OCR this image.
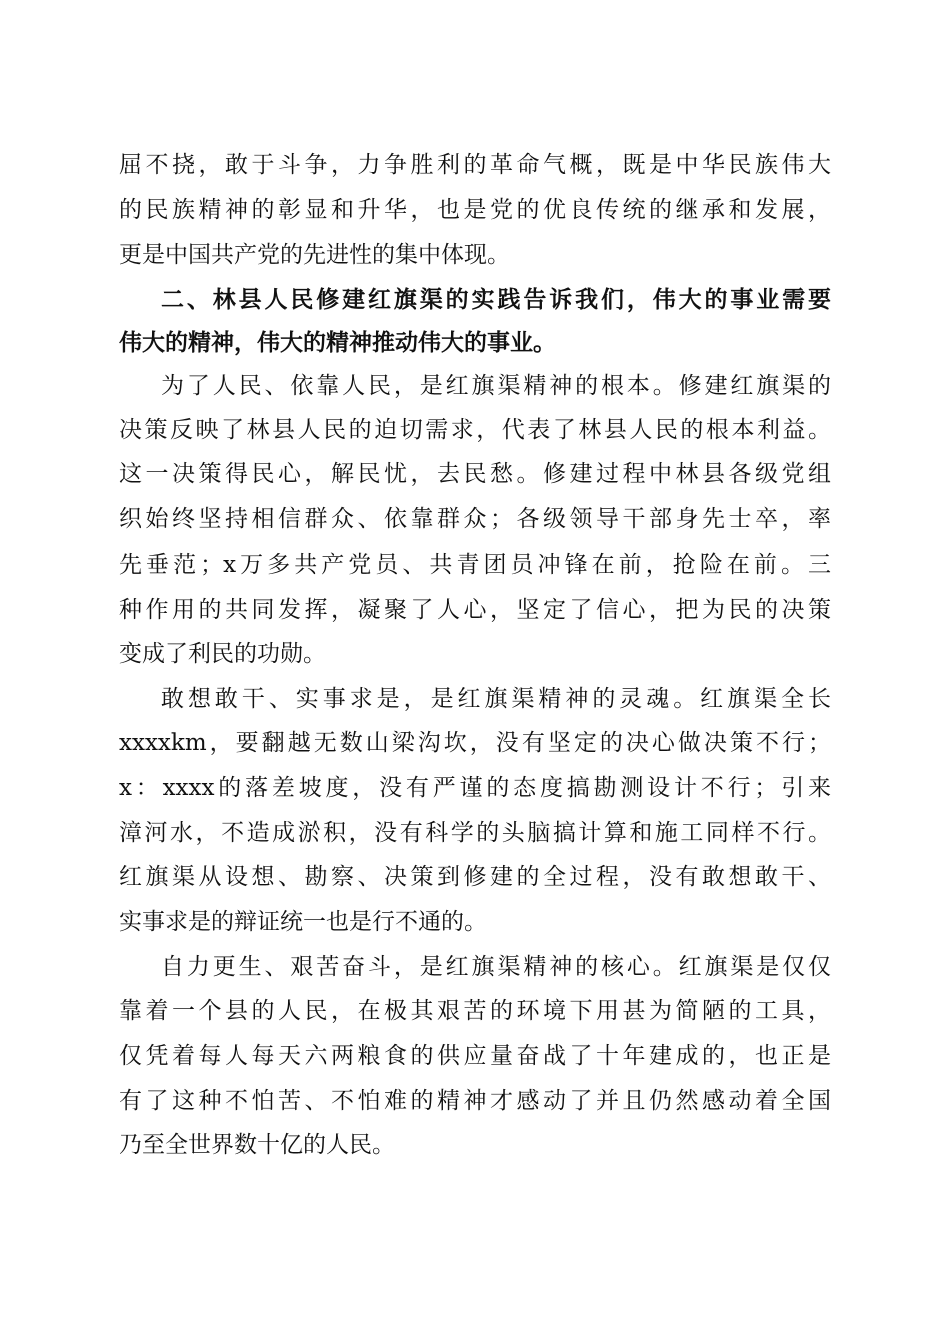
屈不挠，敢于斗争，力争胜利的革命气概，既是中华民族伟大
的民族精神的彰显和升华，也是党的优良传统的继承和发展，
更是中国共产党的先进性的集中体现。
二、林县人民修建红旗渠的实践告诉我们，伟大的事业需要
伟大的精神，伟大的精神推动伟大的事业。
为了人民、依靠人民，是红旗渠精神的根本。修建红旗渠的
决策反映了林县人民的迫切需求，代表了林县人民的根本利益。
这一决策得民心，解民忧，去民愁。修建过程中林县各级党组
织始终坚持相信群众、依靠群众；各级领导干部身先士卒，率
先垂范；x万多共产党员、共青团员冲锋在前，抢险在前。三
种作用的共同发挥，凝聚了人心，坚定了信心，把为民的决策
变成了利民的功勋。
敢想敢干、实事求是，是红旗渠精神的灵魂。红旗渠全长
xxxxkm，要翻越无数山梁沟坎，没有坚定的决心做决策不行；
x：xxxx的落差坡度，没有严谨的态度搞勘测设计不行；引来
漳河水，不造成淤积，没有科学的头脑搞计算和施工同样不行。
红旗渠从设想、勘察、决策到修建的全过程，没有敢想敢干、
实事求是的辩证统一也是行不通的。
自力更生、艰苦奋斗，是红旗渠精神的核心。红旗渠是仅仅
靠着一个县的人民，在极其艰苦的环境下用甚为简陋的工具，
仅凭着每人每天六两粮食的供应量奋战了十年建成的，也正是
有了这种不怕苦、不怕难的精神才感动了并且仍然感动着全国
乃至全世界数十亿的人民。
